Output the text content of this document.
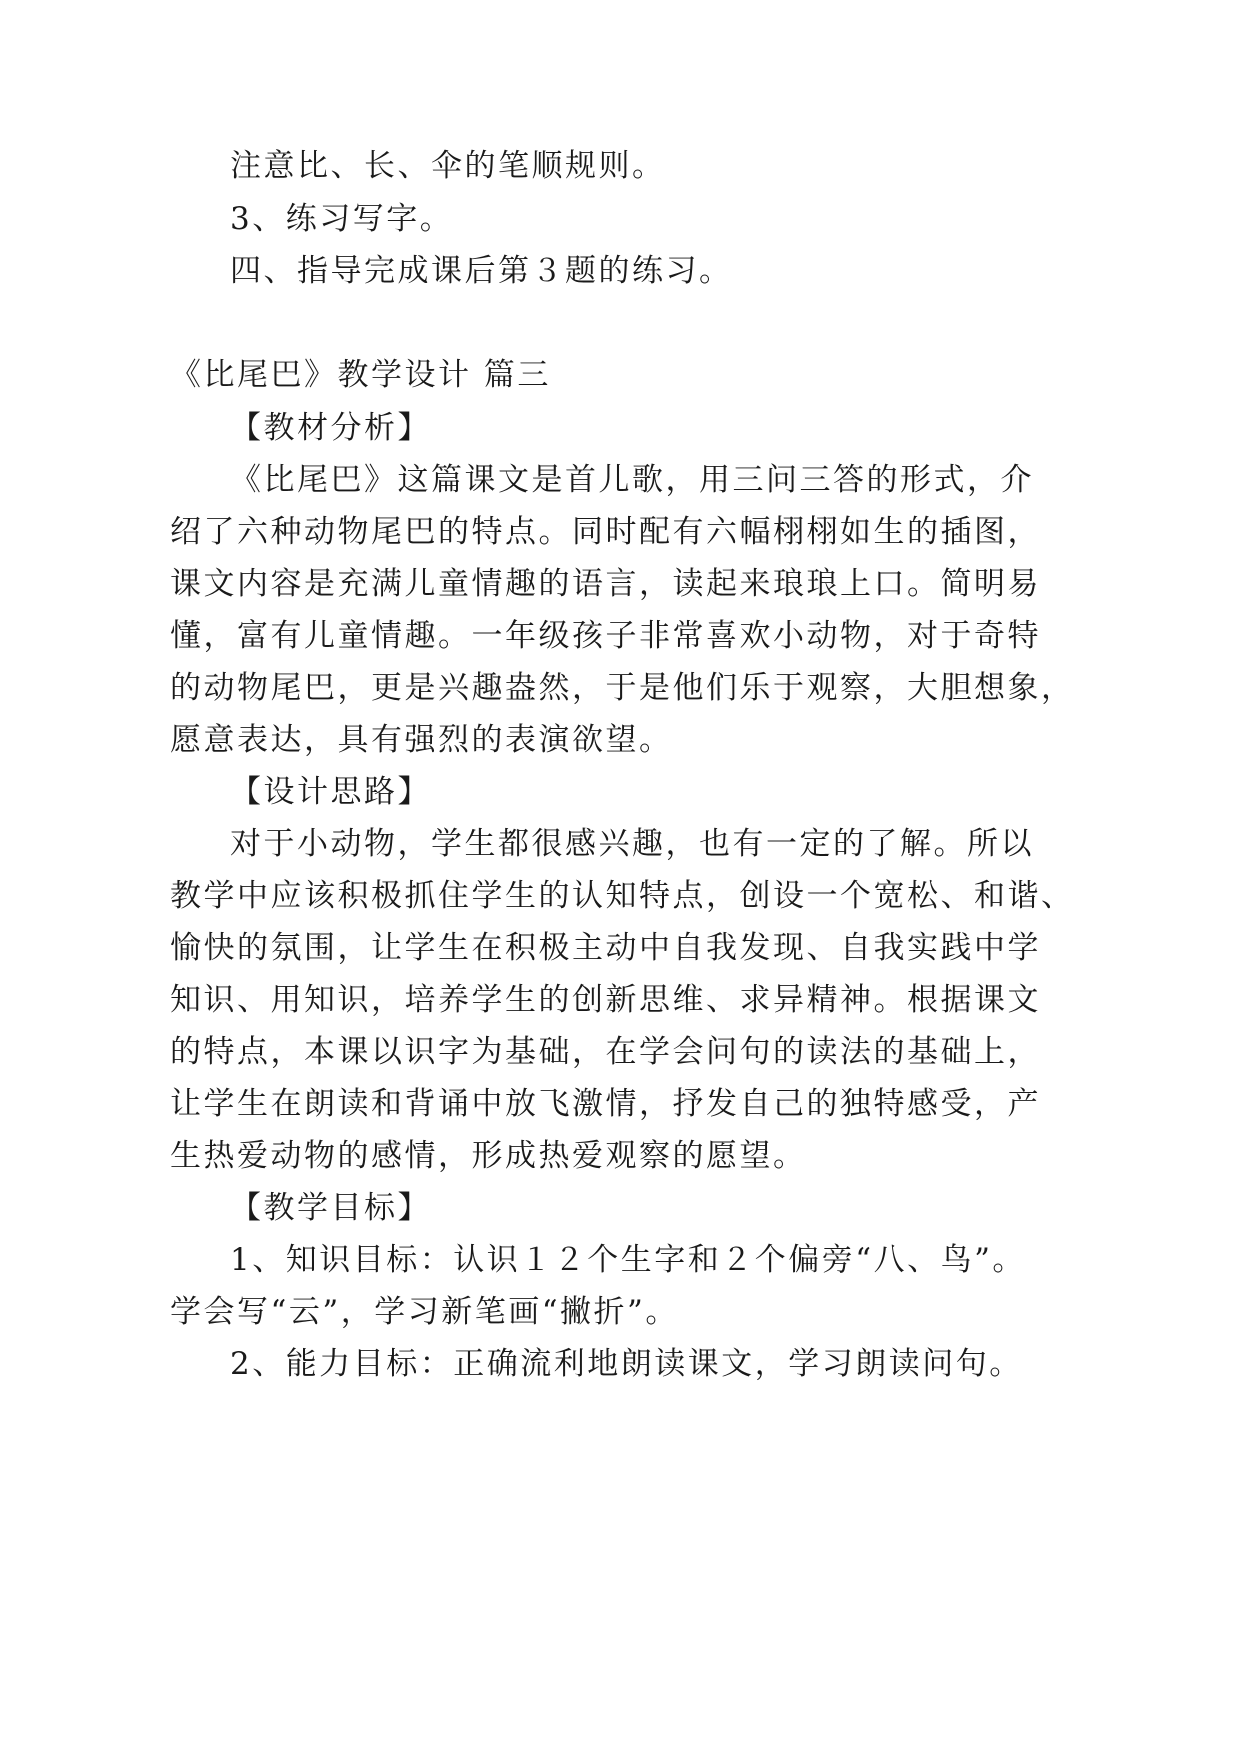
注意比、长、伞的笔顺规则。
3、练习写字。
四、指导完成课后第３题的练习。
《比尾巴》教学设计 篇三
【教材分析】
《比尾巴》这篇课文是首儿歌，用三问三答的形式，介
绍了六种动物尾巴的特点。同时配有六幅栩栩如生的插图，
课文内容是充满儿童情趣的语言，读起来琅琅上口。简明易
懂，富有儿童情趣。一年级孩子非常喜欢小动物，对于奇特
的动物尾巴，更是兴趣盎然，于是他们乐于观察，大胆想象，
愿意表达，具有强烈的表演欲望。
【设计思路】
对于小动物，学生都很感兴趣，也有一定的了解。所以
教学中应该积极抓住学生的认知特点，创设一个宽松、和谐、
愉快的氛围，让学生在积极主动中自我发现、自我实践中学
知识、用知识，培养学生的创新思维、求异精神。根据课文
的特点，本课以识字为基础，在学会问句的读法的基础上，
让学生在朗读和背诵中放飞激情，抒发自己的独特感受，产
生热爱动物的感情，形成热爱观察的愿望。
【教学目标】
1、知识目标：认识１２个生字和２个偏旁“八、鸟”。
学会写“云”，学习新笔画“撇折”。
2、能力目标：正确流利地朗读课文，学习朗读问句。
